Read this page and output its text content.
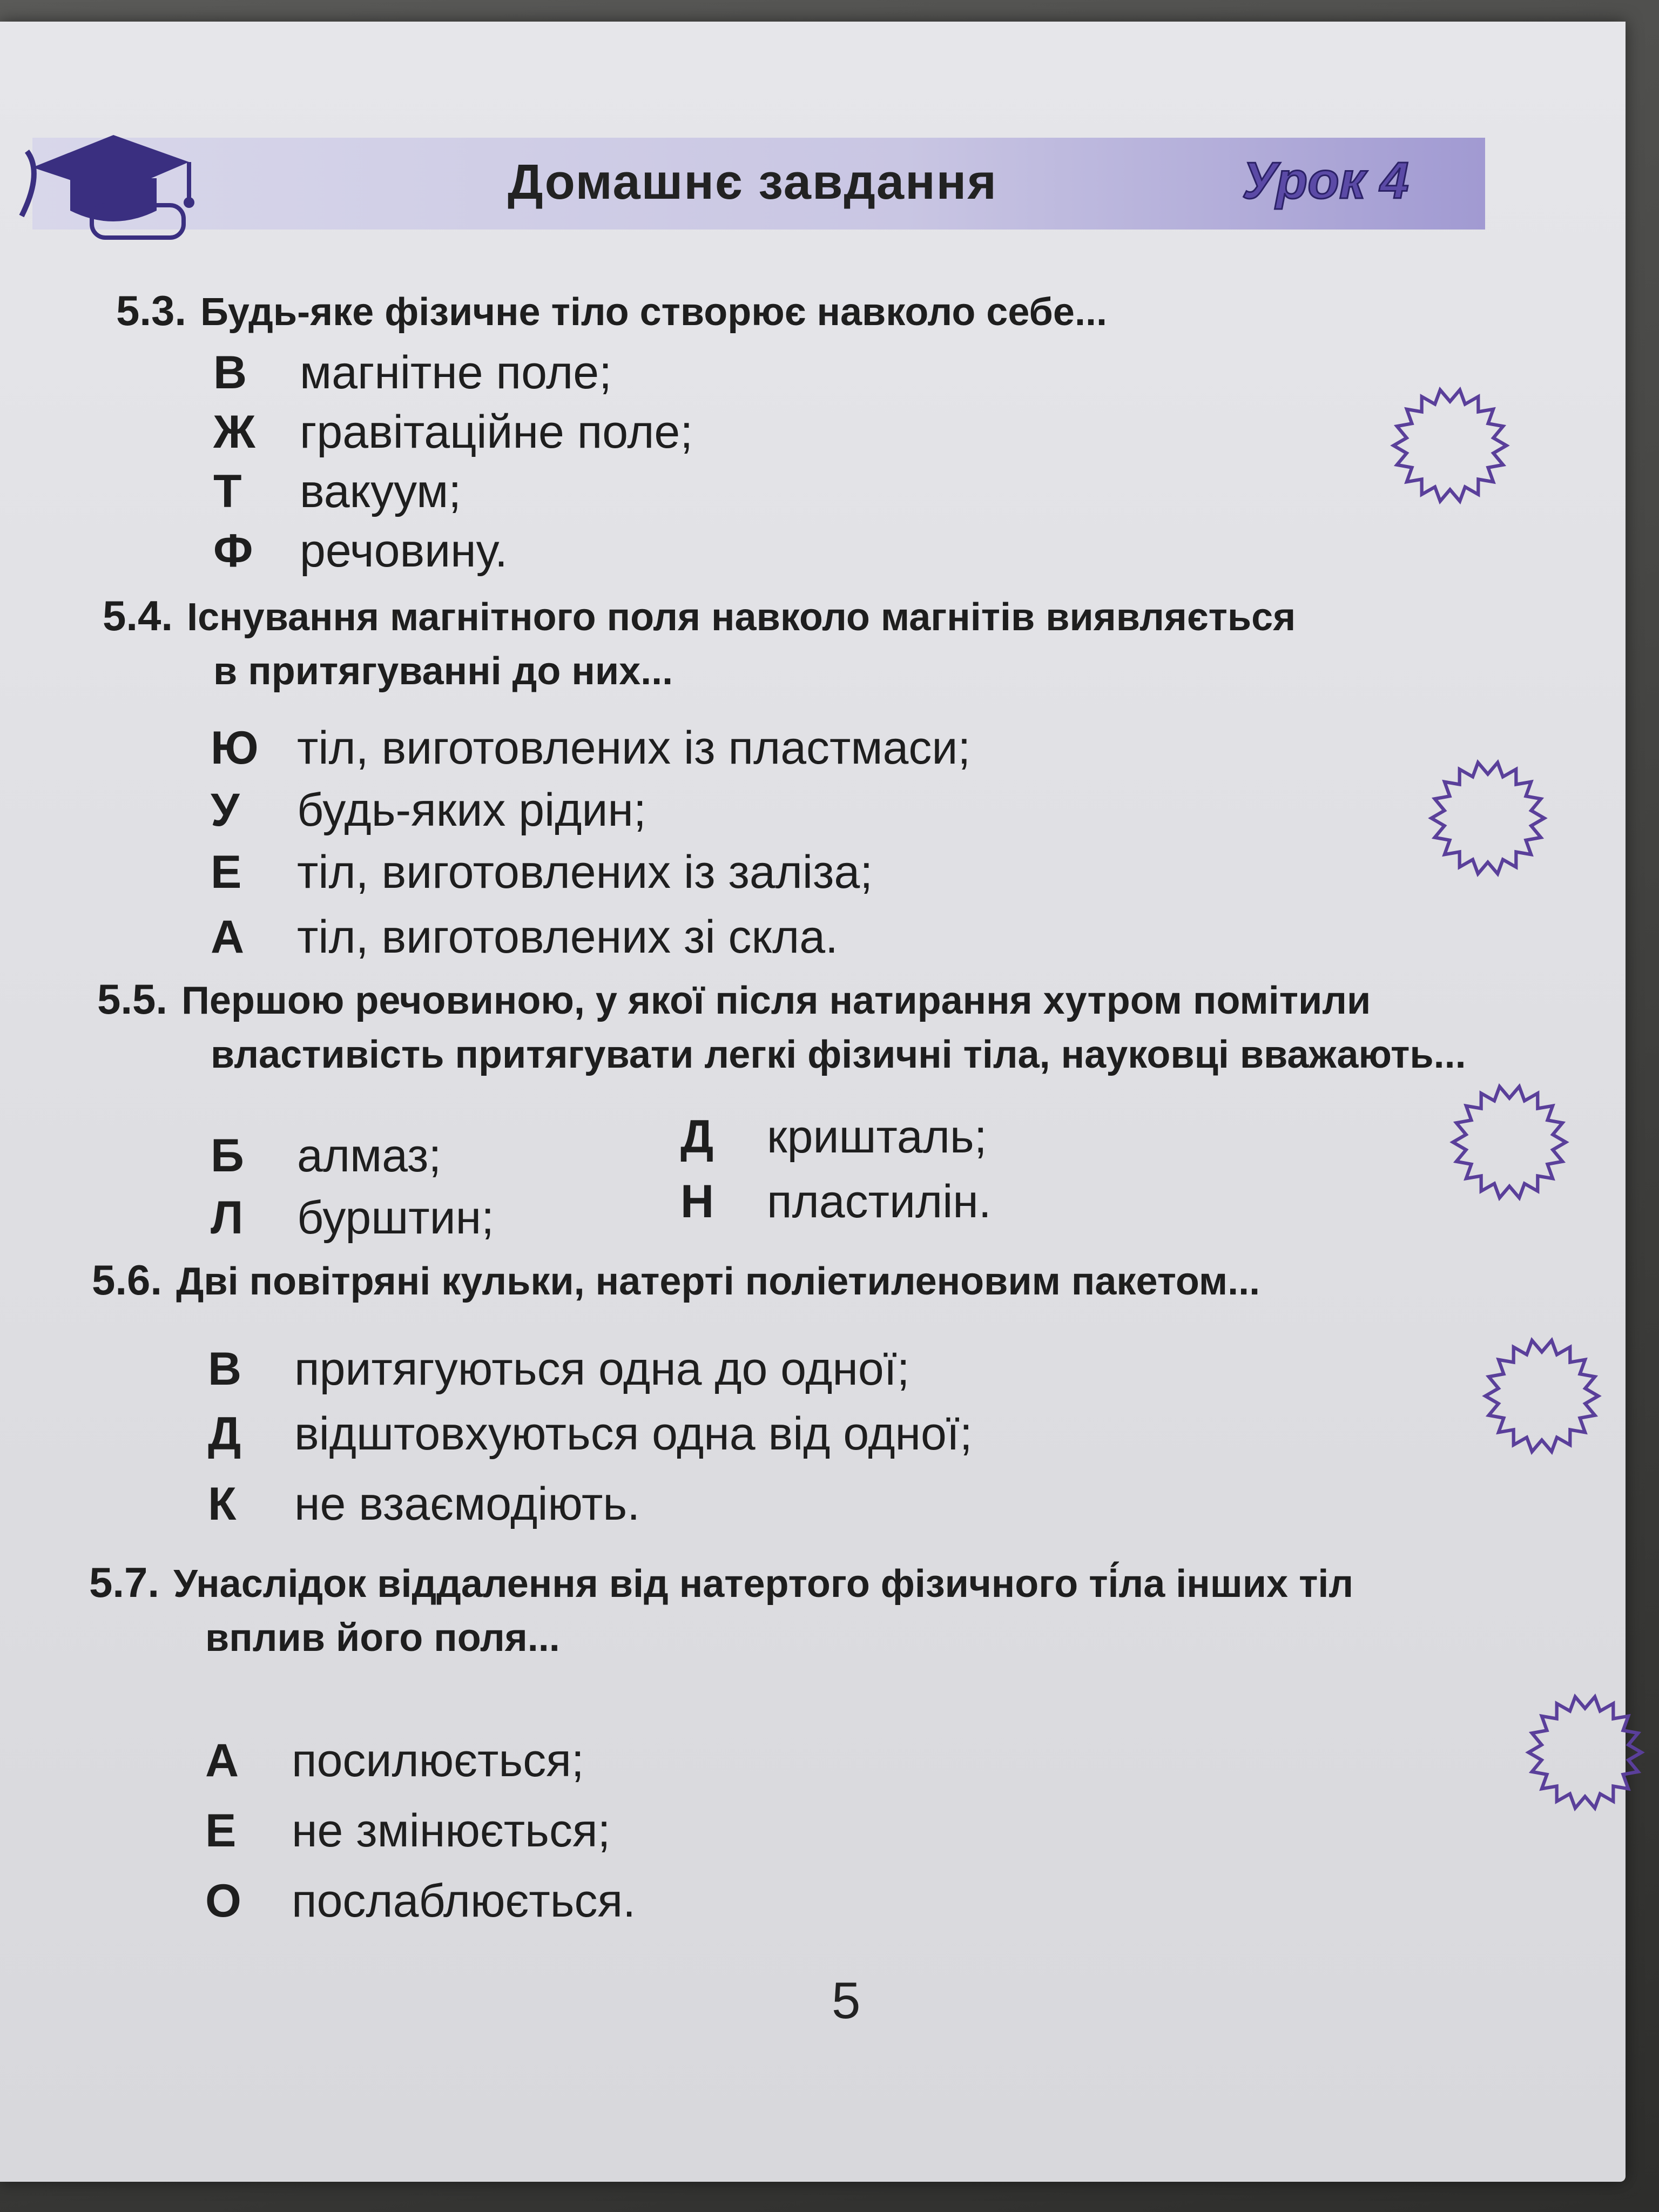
Домашнє завдання	Урок 4
5.3. Будь-яке фізичне тіло створює навколо себе...
В магнітне поле;
Ж гравітаційне поле;
Т вакуум;
Ф речовину.
5.4. Існування магнітного поля навколо магнітів виявляється
в притягуванні до них...
Ю тіл, виготовлених із пластмаси;
У будь-яких рідин;
Е тіл, виготовлених із заліза;
А тіл, виготовлених зі скла.
5.5. Першою речовиною, у якої після натирання хутром помітили
властивість притягувати легкі фізичні тіла, науковці вважають...
Б алмаз;	Д кришталь;
Л бурштин;	Н пластилін.
5.6. Дві повітряні кульки, натерті поліетиленовим пакетом...
В притягуються одна до одної;
Д відштовхуються одна від одної;
К не взаємодіють.
5.7. Унаслідок віддалення від натертого фізичного ті́ла інших тіл
вплив його поля...
А посилюється;
Е не змінюється;
О послаблюється.
5
